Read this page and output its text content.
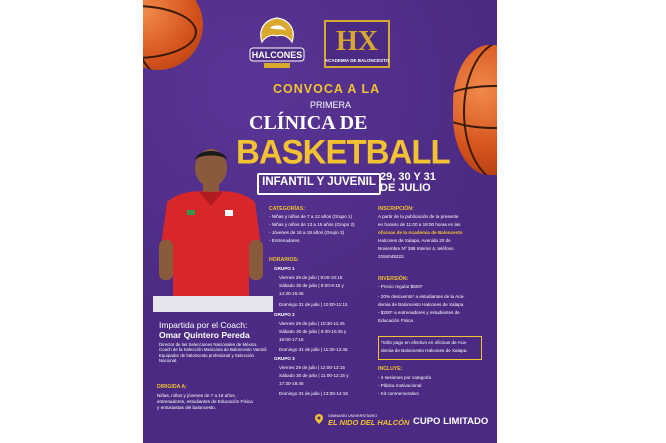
HALCONES HX
ACADEMIA DE BALONCESTO
CONVOCA A LA
PRIMERA
CLÍNICA DE
BASKETBALL
INFANTIL Y JUVENIL 29, 30 Y 31
DE JULIO
Impartida por el Coach:
Omar Quintero Pereda
Director de las Selecciones Nacionales de México.
Coach de la Selección Mexicana de Baloncesto Varonil.
Equipador de baloncesto profesional y Selección Nacional.
DIRIGIDA A:
Niñas, niños y jóvenes de 7 a 18 años,
entrenadores, estudiantes de Educación Física
y entusiastas del baloncesto.
CATEGORÍAS:
- Niñas y niños de 7 a 12 años (Grupo 1)
- Niñas y niños de 13 a 15 años (Grupo 2)
- Jóvenes de 16 a 18 años (Grupo 3)
- Entrenadores
HORARIOS:
GRUPO 1
Viernes 29 de julio | 9:00-10:15
Sábado 30 de julio | 8:00-9:15 y
14:30-15:45
Domingo 31 de julio | 10:00-11:15
GRUPO 2
Viernes 29 de julio | 10:30-11:45
Sábado 30 de julio | 9:30-10:45 y
16:00-17:15
Domingo 31 de julio | 11:30-12:45
GRUPO 3
Viernes 29 de julio | 12:00-13:15
Sábado 30 de julio | 11:00-12:15 y
17:30-18:45
Domingo 31 de julio | 13:00-14:15
INSCRIPCIÓN:
A partir de la publicación de la presente
en horario de 11:00 a 18:00 horas en las
oficinas de la Academia de Baloncesto
Halcones de Xalapa, Avenida 20 de
Noviembre Nº 388 Interior 4, teléfono
2284045322.
INVERSIÓN:
- Precio regular $500*
- 20% descuento* a estudiantes de la Aca-
demia de Baloncesto Halcones de Xalapa
- $200* a entrenadores y estudiantes de
Educación Física
*Sólo pago en efectivo en oficinas de Aca-
demia de Baloncesto Halcones de Xalapa.
INCLUYE:
- 4 sesiones por categoría
- Plática motivacional
- Kit conmemorativo
GIMNASIO UNIVERSITARIO
EL NIDO DEL HALCÓN CUPO LIMITADO
